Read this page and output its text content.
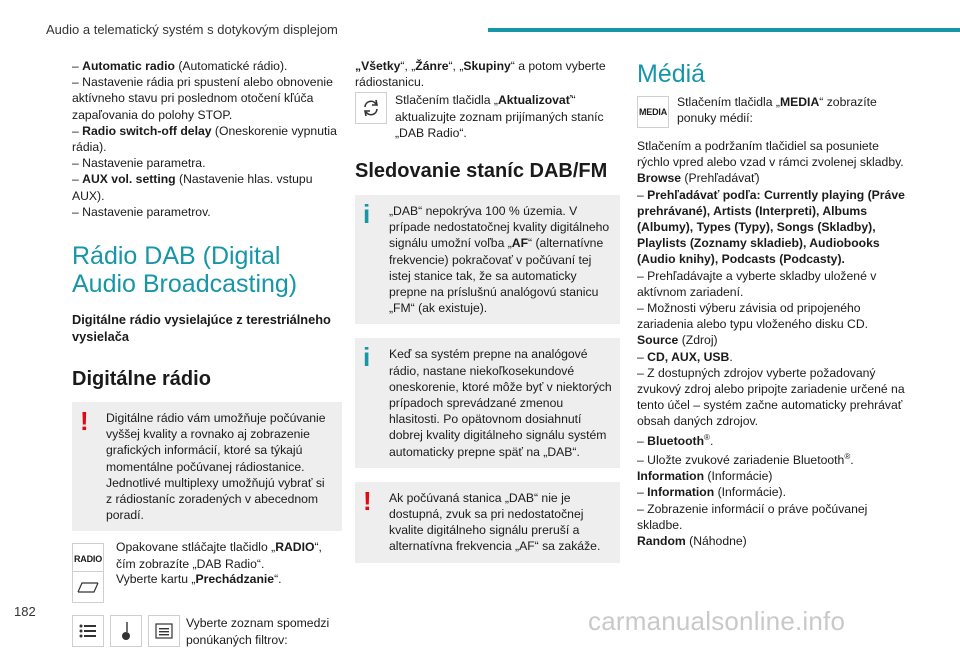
Audio a telematický systém s dotykovým displejom

– Automatic radio (Automatické rádio).

– Nastavenie rádia pri spustení alebo obnovenie aktívneho stavu pri poslednom otočení kľúča zapaľovania do polohy STOP.

– Radio switch-off delay (Oneskorenie vypnutia rádia).

– Nastavenie parametra.

– AUX vol. setting (Nastavenie hlas. vstupu AUX).

– Nastavenie parametrov.

Rádio DAB (Digital Audio Broadcasting)

Digitálne rádio vysielajúce z terestriálneho vysielača

Digitálne rádio
!	Digitálne rádio vám umožňuje počúvanie vyššej kvality a rovnako aj zobrazenie grafických informácií, ktoré sa týkajú momentálne počúvanej rádiostanice. Jednotlivé multiplexy umožňujú vybrať si z rádiostaníc zoradených v abecednom poradí.

RADIO

Opakovane stláčajte tlačidlo „RADIO“, čím zobrazíte „DAB Radio“.

Vyberte kartu „Prechádzanie“.

Vyberte zoznam spomedzi ponúkaných filtrov:

„Všetky“, „Žánre“, „Skupiny“ a potom vyberte rádiostanicu.

Stlačením tlačidla „Aktualizovať“ aktualizujte zoznam prijímaných staníc „DAB Radio“.

Sledovanie staníc DAB/FM
i	„DAB“ nepokrýva 100 % územia. V prípade nedostatočnej kvality digitálneho signálu umožní voľba „AF“ (alternatívne frekvencie) pokračovať v počúvaní tej istej stanice tak, že sa automaticky prepne na príslušnú analógovú stanicu „FM“ (ak existuje).

i	Keď sa systém prepne na analógové rádio, nastane niekoľkosekundové oneskorenie, ktoré môže byť v niektorých prípadoch sprevádzané zmenou hlasitosti. Po opätovnom dosiahnutí dobrej kvality digitálneho signálu systém automaticky prepne späť na „DAB“.

!	Ak počúvaná stanica „DAB“ nie je dostupná, zvuk sa pri nedostatočnej kvalite digitálneho signálu preruší a alternatívna frekvencia „AF“ sa zakáže.

Médiá
MEDIA

Stlačením tlačidla „MEDIA“ zobrazíte ponuky médií:

Stlačením a podržaním tlačidiel sa posuniete rýchlo vpred alebo vzad v rámci zvolenej skladby.

Browse (Prehľadávať)

– Prehľadávať podľa: Currently playing (Práve prehrávané), Artists (Interpreti), Albums (Albumy), Types (Typy), Songs (Skladby), Playlists (Zoznamy skladieb), Audiobooks (Audio knihy), Podcasts (Podcasty).

– Prehľadávajte a vyberte skladby uložené v aktívnom zariadení.

– Možnosti výberu závisia od pripojeného zariadenia alebo typu vloženého disku CD.

Source (Zdroj)

– CD, AUX, USB.

– Z dostupných zdrojov vyberte požadovaný zvukový zdroj alebo pripojte zariadenie určené na tento účel – systém začne automaticky prehrávať obsah daných zdrojov.

– Bluetooth®.

– Uložte zvukové zariadenie Bluetooth®.

Information (Informácie)

– Information (Informácie).

– Zobrazenie informácií o práve počúvanej skladbe.

Random (Náhodne)

182	carmanualsonline.info
